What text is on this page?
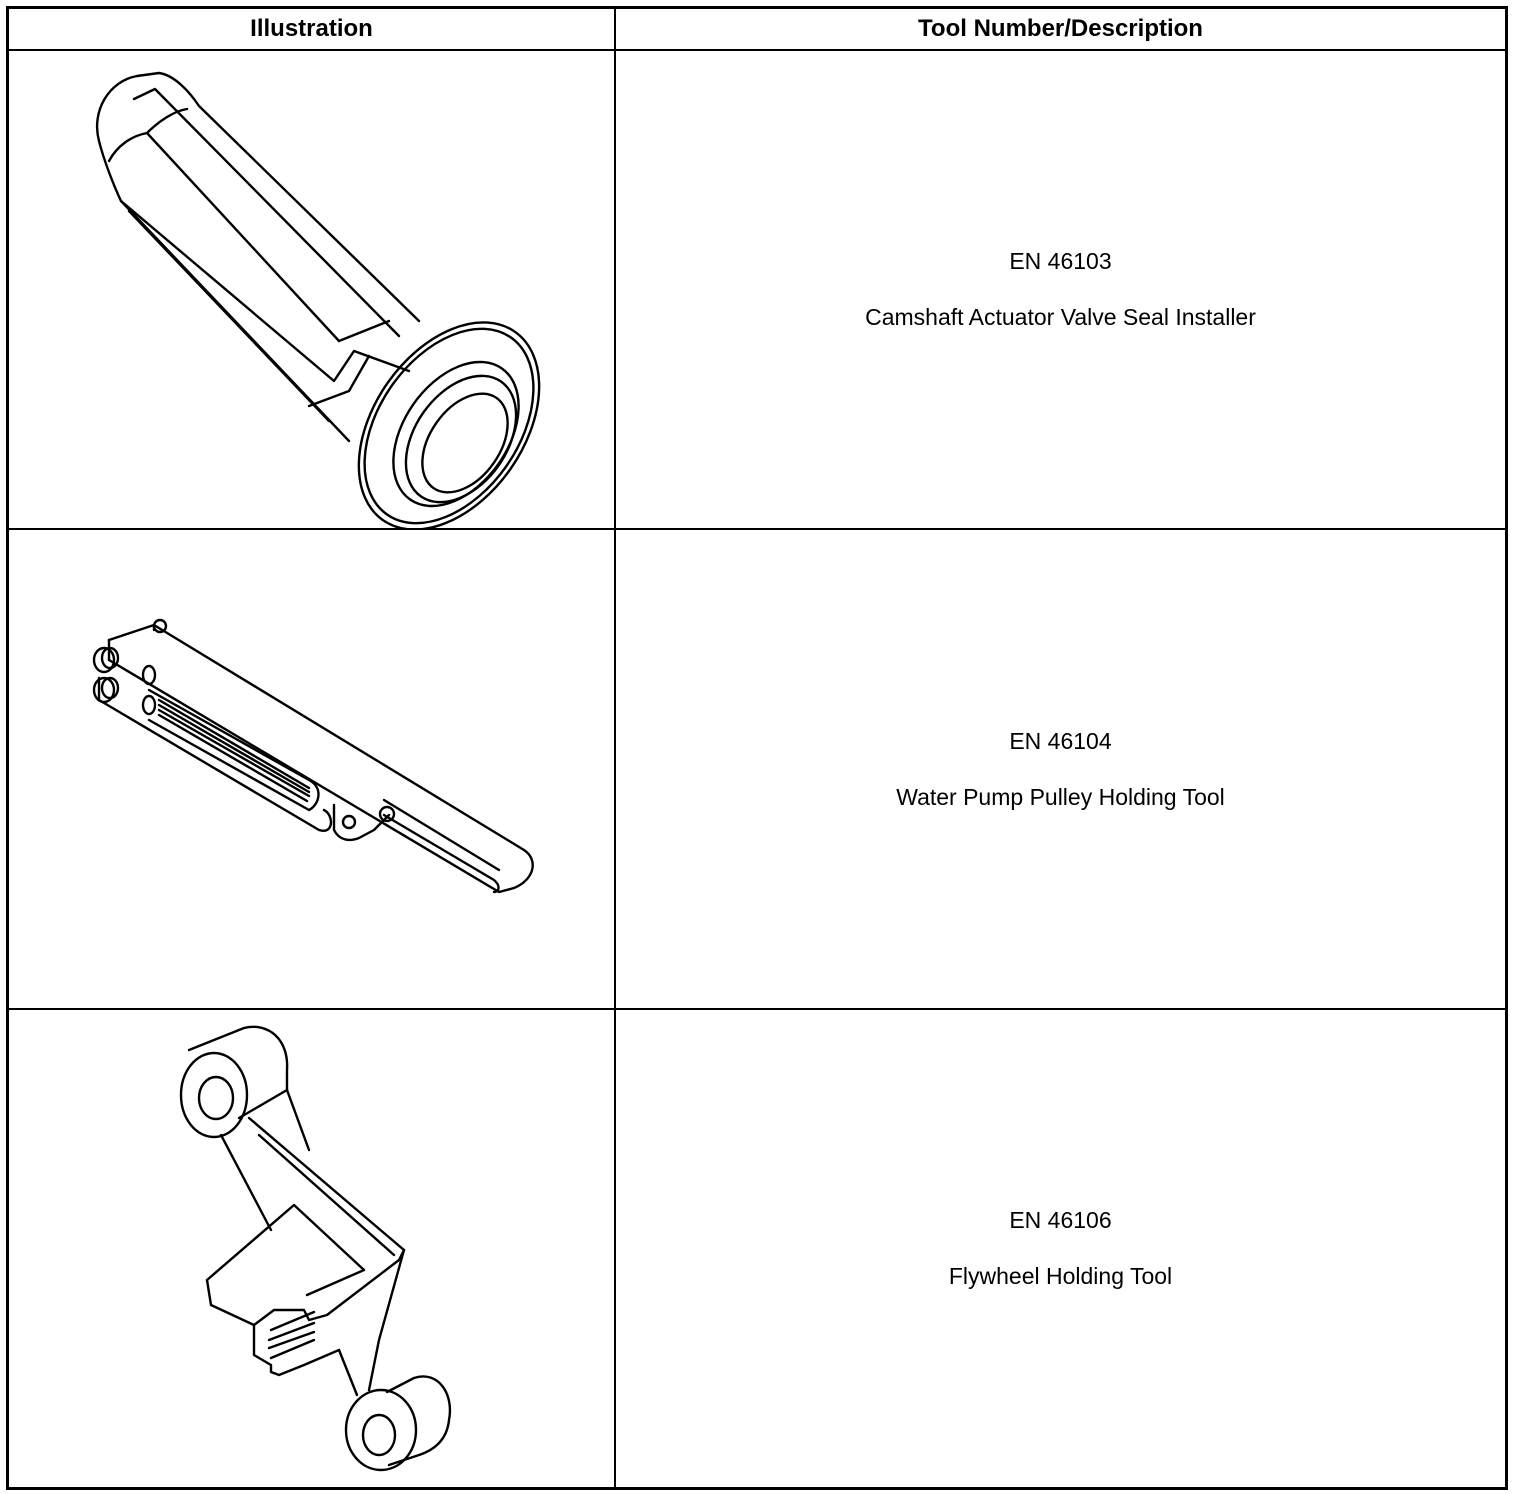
Illustration	Tool Number/Description
EN 46103
Camshaft Actuator Valve Seal Installer
EN 46104
Water Pump Pulley Holding Tool
EN 46106
Flywheel Holding Tool
